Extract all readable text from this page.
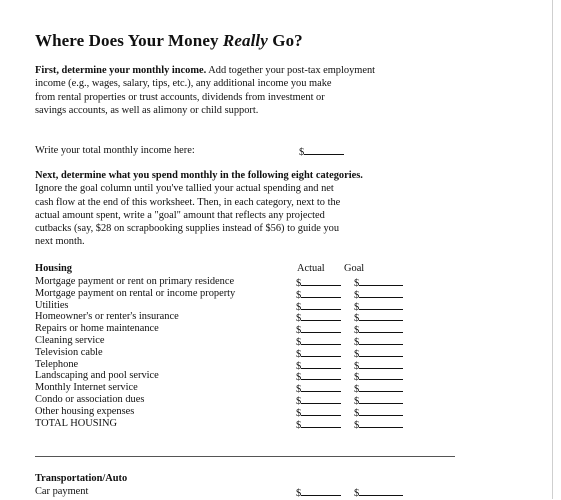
Where Does Your Money Really Go?
First, determine your monthly income. Add together your post-tax employment
income (e.g., wages, salary, tips, etc.), any additional income you make
from rental properties or trust accounts, dividends from investment or
savings accounts, as well as alimony or child support.
Write your total monthly income here:	$
Next, determine what you spend monthly in the following eight categories.
Ignore the goal column until you've tallied your actual spending and net
cash flow at the end of this worksheet. Then, in each category, next to the
actual amount spent, write a "goal" amount that reflects any projected
cutbacks (say, $28 on scrapbooking supplies instead of $56) to guide you
next month.
Housing	Actual Goal
Mortgage payment or rent on primary residence	$	$
Mortgage payment on rental or income property	$	$
Utilities	$	$
Homeowner's or renter's insurance	$	$
Repairs or home maintenance	$	$
Cleaning service	$	$
Television cable	$	$
Telephone	$	$
Landscaping and pool service	$	$
Monthly Internet service	$	$
Condo or association dues	$	$
Other housing expenses	$	$
TOTAL HOUSING	$	$
Transportation/Auto
Car payment	$	$
